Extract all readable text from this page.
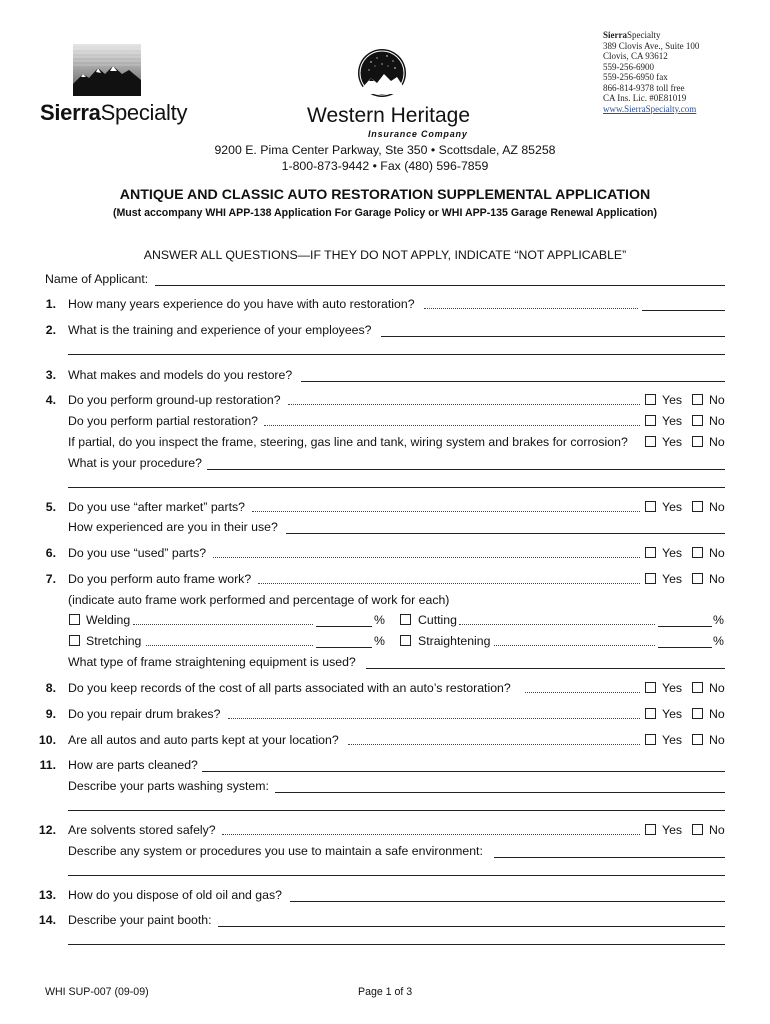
SierraSpecialty	Western Heritage
Insurance Company
SierraSpecialty
389 Clovis Ave., Suite 100
Clovis, CA 93612
559-256-6900
559-256-6950 fax
866-814-9378 toll free
CA Ins. Lic. #0E81019
www.SierraSpecialty.com
9200 E. Pima Center Parkway, Ste 350 • Scottsdale, AZ 85258
1-800-873-9442 • Fax (480) 596-7859
ANTIQUE AND CLASSIC AUTO RESTORATION SUPPLEMENTAL APPLICATION
(Must accompany WHI APP-138 Application For Garage Policy or WHI APP-135 Garage Renewal Application)
ANSWER ALL QUESTIONS—IF THEY DO NOT APPLY, INDICATE “NOT APPLICABLE”
Name of Applicant:
1. How many years experience do you have with auto restoration?
2. What is the training and experience of your employees?
3. What makes and models do you restore?
4. Do you perform ground-up restoration?	Yes No
Do you perform partial restoration?	Yes No
If partial, do you inspect the frame, steering, gas line and tank, wiring system and brakes for corrosion?	Yes No
What is your procedure?
5. Do you use “after market” parts?	Yes No
How experienced are you in their use?
6. Do you use “used” parts?	Yes No
7. Do you perform auto frame work?	Yes No
(indicate auto frame work performed and percentage of work for each)
Welding	%	Cutting	%
Stretching	%	Straightening	%
What type of frame straightening equipment is used?
8. Do you keep records of the cost of all parts associated with an auto’s restoration?	Yes No
9. Do you repair drum brakes?	Yes No
10. Are all autos and auto parts kept at your location?	Yes No
11. How are parts cleaned?
Describe your parts washing system:
12. Are solvents stored safely?	Yes No
Describe any system or procedures you use to maintain a safe environment:
13. How do you dispose of old oil and gas?
14. Describe your paint booth:
WHI SUP-007 (09-09)	Page 1 of 3
